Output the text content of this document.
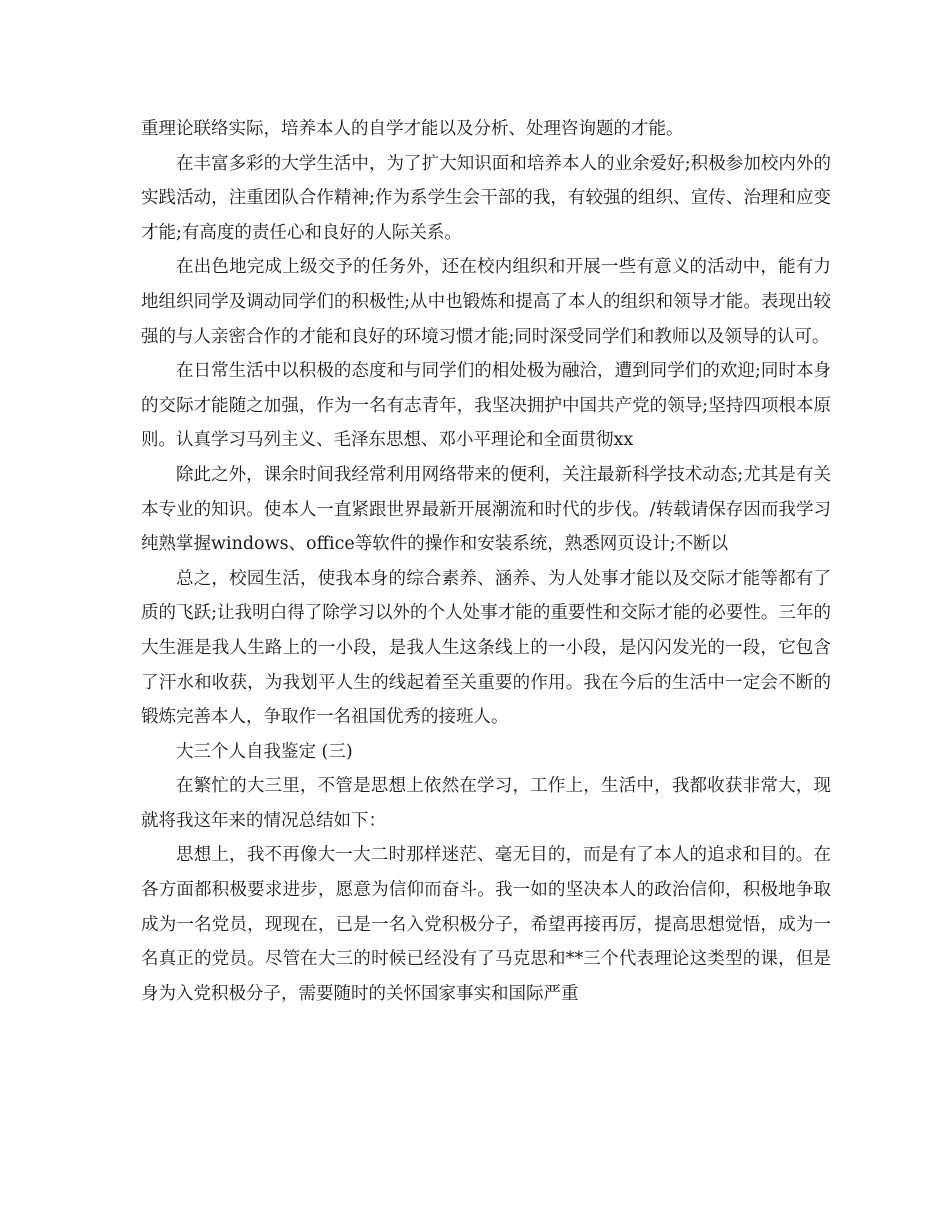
重理论联络实际，培养本人的自学才能以及分析、处理咨询题的才能。

在丰富多彩的大学生活中，为了扩大知识面和培养本人的业余爱好;积极参加校内外的实践活动，注重团队合作精神;作为系学生会干部的我，有较强的组织、宣传、治理和应变才能;有高度的责任心和良好的人际关系。

在出色地完成上级交予的任务外，还在校内组织和开展一些有意义的活动中，能有力地组织同学及调动同学们的积极性;从中也锻炼和提高了本人的组织和领导才能。表现出较强的与人亲密合作的才能和良好的环境习惯才能;同时深受同学们和教师以及领导的认可。

在日常生活中以积极的态度和与同学们的相处极为融洽，遭到同学们的欢迎;同时本身的交际才能随之加强，作为一名有志青年，我坚决拥护中国共产党的领导;坚持四项根本原则。认真学习马列主义、毛泽东思想、邓小平理论和全面贯彻xx

除此之外，课余时间我经常利用网络带来的便利，关注最新科学技术动态;尤其是有关本专业的知识。使本人一直紧跟世界最新开展潮流和时代的步伐。/转载请保存因而我学习纯熟掌握windows、office等软件的操作和安装系统，熟悉网页设计;不断以

总之，校园生活，使我本身的综合素养、涵养、为人处事才能以及交际才能等都有了质的飞跃;让我明白得了除学习以外的个人处事才能的重要性和交际才能的必要性。三年的大生涯是我人生路上的一小段，是我人生这条线上的一小段，是闪闪发光的一段，它包含了汗水和收获，为我划平人生的线起着至关重要的作用。我在今后的生活中一定会不断的锻炼完善本人，争取作一名祖国优秀的接班人。

大三个人自我鉴定 (三)

在繁忙的大三里，不管是思想上依然在学习，工作上，生活中，我都收获非常大，现就将我这年来的情况总结如下：

思想上，我不再像大一大二时那样迷茫、毫无目的，而是有了本人的追求和目的。在各方面都积极要求进步，愿意为信仰而奋斗。我一如的坚决本人的政治信仰，积极地争取成为一名党员，现现在，已是一名入党积极分子，希望再接再厉，提高思想觉悟，成为一名真正的党员。尽管在大三的时候已经没有了马克思和**三个代表理论这类型的课，但是身为入党积极分子，需要随时的关怀国家事实和国际严重
